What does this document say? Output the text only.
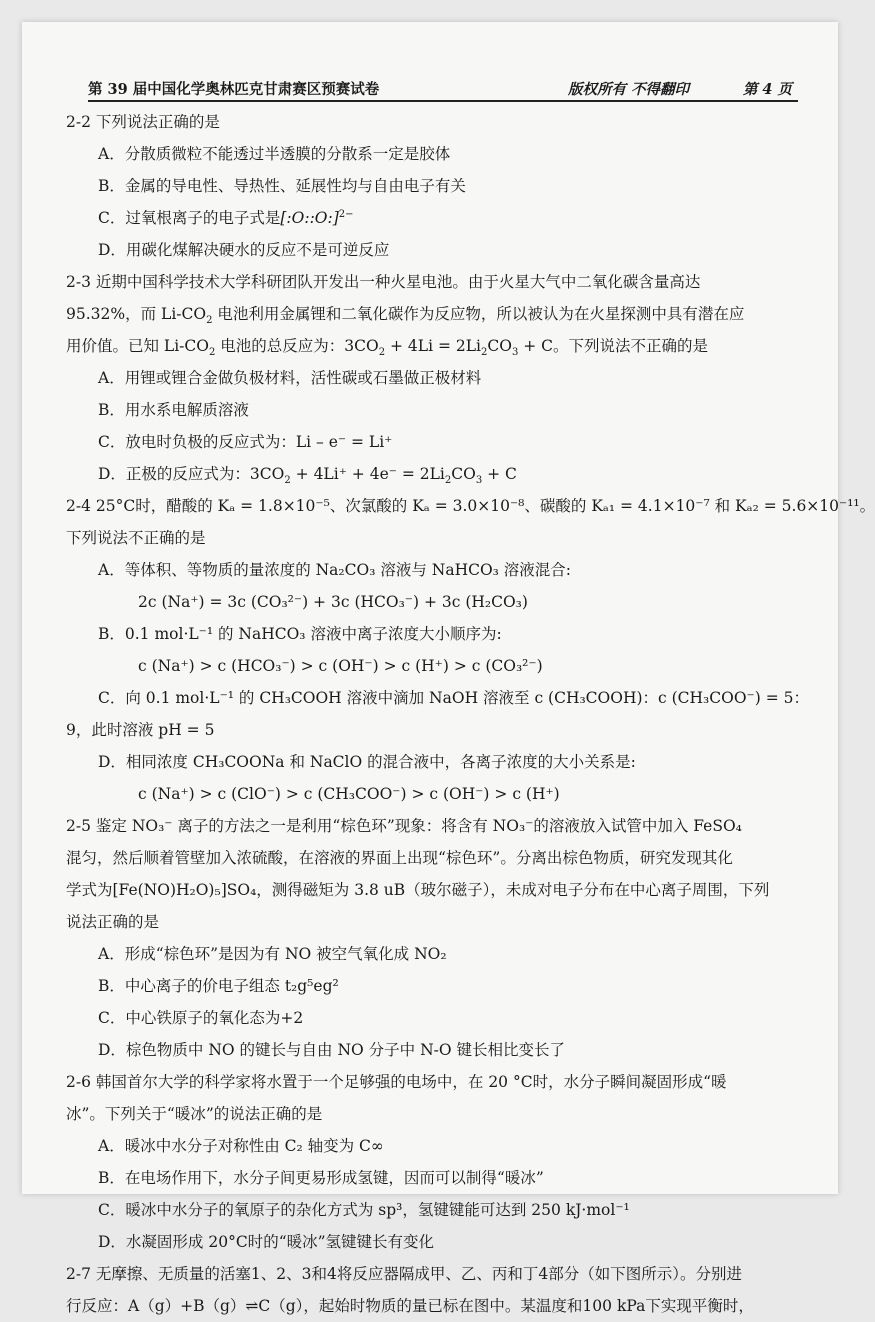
第 39 届中国化学奥林匹克甘肃赛区预赛试卷	版权所有 不得翻印	第 4 页

2-2 下列说法正确的是

A．分散质微粒不能透过半透膜的分散系一定是胶体

B．金属的导电性、导热性、延展性均与自由电子有关

C．过氧根离子的电子式是[:O::O:]$^{2-}$

D．用碳化煤解决硬水的反应不是可逆反应

2-3 近期中国科学技术大学科研团队开发出一种火星电池。由于火星大气中二氧化碳含量高达

95.32%，而 $Li-CO_2$ 电池利用金属锂和二氧化碳作为反应物，所以被认为在火星探测中具有潜在应

用价值。已知 $Li-CO_2$ 电池的总反应为：$3CO_2 + 4Li = 2Li_2CO_3 + C$。下列说法不正确的是

A．用锂或锂合金做负极材料，活性碳或石墨做正极材料

B．用水系电解质溶液

C．放电时负极的反应式为：Li – e⁻ = Li⁺

D．正极的反应式为：$3CO_2 + 4Li^+ + 4e^- = 2Li_2CO_3 + C$

2-4 25°C时，醋酸的 Kₐ = 1.8×10⁻⁵、次氯酸的 Kₐ = 3.0×10⁻⁸、碳酸的 Kₐ₁ = 4.1×10⁻⁷ 和 Kₐ₂ = 5.6×10⁻¹¹。

下列说法不正确的是

A．等体积、等物质的量浓度的 Na₂CO₃ 溶液与 NaHCO₃ 溶液混合:

2c (Na⁺) = 3c (CO₃²⁻) + 3c (HCO₃⁻) + 3c (H₂CO₃)

B．0.1 mol·L⁻¹ 的 NaHCO₃ 溶液中离子浓度大小顺序为:

c (Na⁺) > c (HCO₃⁻) > c (OH⁻) > c (H⁺) > c (CO₃²⁻)

C．向 0.1 mol·L⁻¹ 的 CH₃COOH 溶液中滴加 NaOH 溶液至 c (CH₃COOH)：c (CH₃COO⁻) = 5：

9，此时溶液 pH = 5

D．相同浓度 CH₃COONa 和 NaClO 的混合液中，各离子浓度的大小关系是:

c (Na⁺) > c (ClO⁻) > c (CH₃COO⁻) > c (OH⁻) > c (H⁺)

2-5 鉴定 NO₃⁻ 离子的方法之一是利用“棕色环”现象：将含有 NO₃⁻的溶液放入试管中加入 FeSO₄

混匀，然后顺着管壁加入浓硫酸，在溶液的界面上出现“棕色环”。分离出棕色物质，研究发现其化

学式为[Fe(NO)H₂O)₅]SO₄，测得磁矩为 3.8 uB（玻尔磁子），未成对电子分布在中心离子周围，下列

说法正确的是

A．形成“棕色环”是因为有 NO 被空气氧化成 NO₂

B．中心离子的价电子组态 t₂g⁵eg²

C．中心铁原子的氧化态为+2

D．棕色物质中 NO 的键长与自由 NO 分子中 N-O 键长相比变长了

2-6 韩国首尔大学的科学家将水置于一个足够强的电场中，在 20 °C时，水分子瞬间凝固形成“暖

冰”。下列关于“暖冰”的说法正确的是

A．暖冰中水分子对称性由 C₂ 轴变为 C∞

B．在电场作用下，水分子间更易形成氢键，因而可以制得“暖冰”

C．暖冰中水分子的氧原子的杂化方式为 sp³，氢键键能可达到 250 kJ·mol⁻¹

D．水凝固形成 20°C时的“暖冰”氢键键长有变化

2-7 无摩擦、无质量的活塞1、2、3和4将反应器隔成甲、乙、丙和丁4部分（如下图所示）。分别进

行反应：A（g）+B（g）⇌C（g），起始时物质的量已标在图中。某温度和100 kPa下实现平衡时，
